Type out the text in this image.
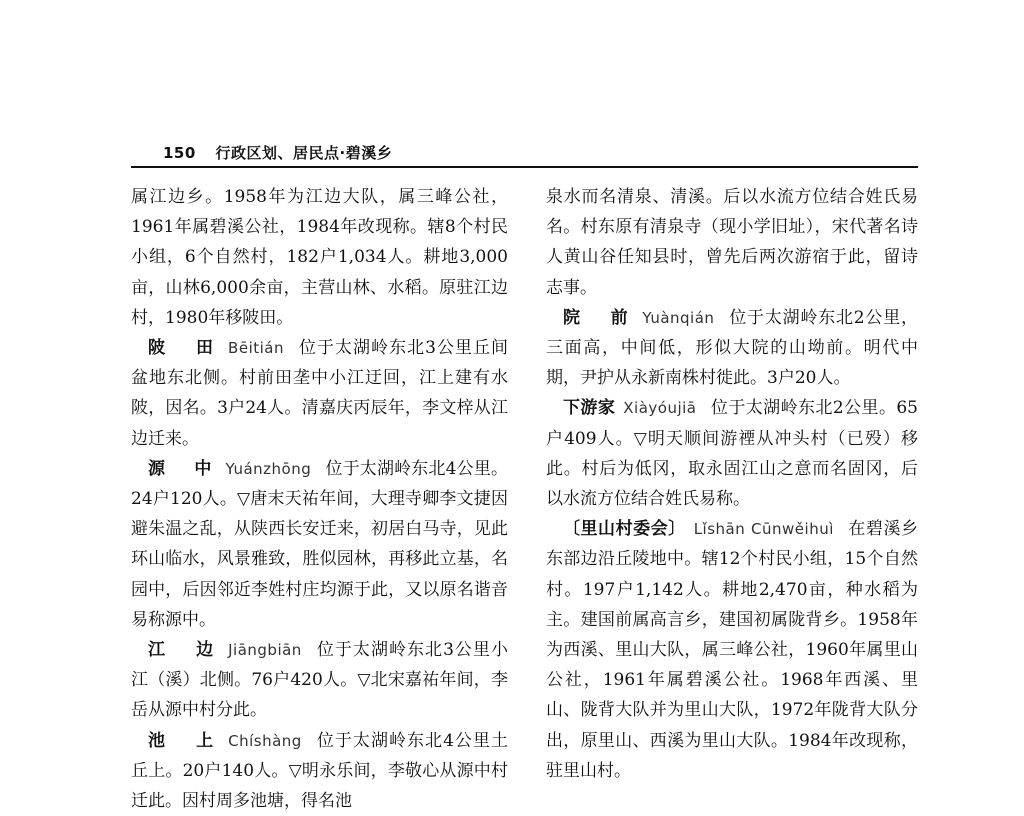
150 行政区划、居民点·碧溪乡

属江边乡。1958年为江边大队，属三峰公社，1961年属碧溪公社，1984年改现称。辖8个村民小组，6个自然村，182户1,034人。耕地3,000亩，山林6,000余亩，主营山林、水稻。原驻江边村，1980年移陂田。

陂　田 Bēitián 位于太湖岭东北3公里丘间盆地东北侧。村前田垄中小江迂回，江上建有水陂，因名。3户24人。清嘉庆丙辰年，李文梓从江边迁来。

源　中 Yuánzhōng 位于太湖岭东北4公里。24户120人。▽唐末天祐年间，大理寺卿李文捷因避朱温之乱，从陕西长安迁来，初居白马寺，见此环山临水，风景雅致，胜似园林，再移此立基，名园中，后因邻近李姓村庄均源于此，又以原名谐音易称源中。

江　边 Jiāngbiān 位于太湖岭东北3公里小江（溪）北侧。76户420人。▽北宋嘉祐年间，李岳从源中村分此。

池　上 Chíshàng 位于太湖岭东北4公里土丘上。20户140人。▽明永乐间，李敬心从源中村迁此。因村周多池塘，得名池

泉水而名清泉、清溪。后以水流方位结合姓氏易名。村东原有清泉寺（现小学旧址），宋代著名诗人黄山谷任知县时，曾先后两次游宿于此，留诗志事。

院　前 Yuànqián 位于太湖岭东北2公里，三面高，中间低，形似大院的山坳前。明代中期，尹护从永新南株村徙此。3户20人。

下游家 Xiàyóujiā 位于太湖岭东北2公里。65户409人。▽明天顺间游禋从冲头村（已殁）移此。村后为低冈，取永固江山之意而名固冈，后以水流方位结合姓氏易称。

〔里山村委会〕 Lǐshān Cūnwěihuì 在碧溪乡东部边沿丘陵地中。辖12个村民小组，15个自然村。197户1,142人。耕地2,470亩，种水稻为主。建国前属高言乡，建国初属陇背乡。1958年为西溪、里山大队，属三峰公社，1960年属里山公社，1961年属碧溪公社。1968年西溪、里山、陇背大队并为里山大队，1972年陇背大队分出，原里山、西溪为里山大队。1984年改现称，驻里山村。
